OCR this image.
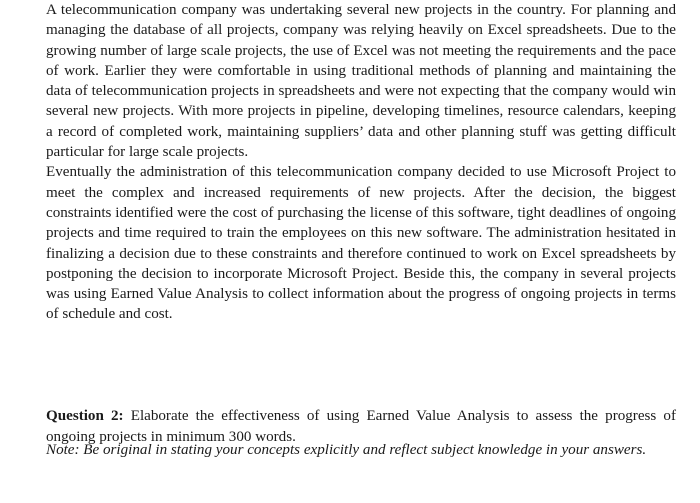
A telecommunication company was undertaking several new projects in the country. For planning and managing the database of all projects, company was relying heavily on Excel spreadsheets. Due to the growing number of large scale projects, the use of Excel was not meeting the requirements and the pace of work. Earlier they were comfortable in using traditional methods of planning and maintaining the data of telecommunication projects in spreadsheets and were not expecting that the company would win several new projects. With more projects in pipeline, developing timelines, resource calendars, keeping a record of completed work, maintaining suppliers’ data and other planning stuff was getting difficult particular for large scale projects.

Eventually the administration of this telecommunication company decided to use Microsoft Project to meet the complex and increased requirements of new projects. After the decision, the biggest constraints identified were the cost of purchasing the license of this software, tight deadlines of ongoing projects and time required to train the employees on this new software. The administration hesitated in finalizing a decision due to these constraints and therefore continued to work on Excel spreadsheets by postponing the decision to incorporate Microsoft Project. Beside this, the company in several projects was using Earned Value Analysis to collect information about the progress of ongoing projects in terms of schedule and cost.

Question 2: Elaborate the effectiveness of using Earned Value Analysis to assess the progress of ongoing projects in minimum 300 words.

Note: Be original in stating your concepts explicitly and reflect subject knowledge in your answers.
